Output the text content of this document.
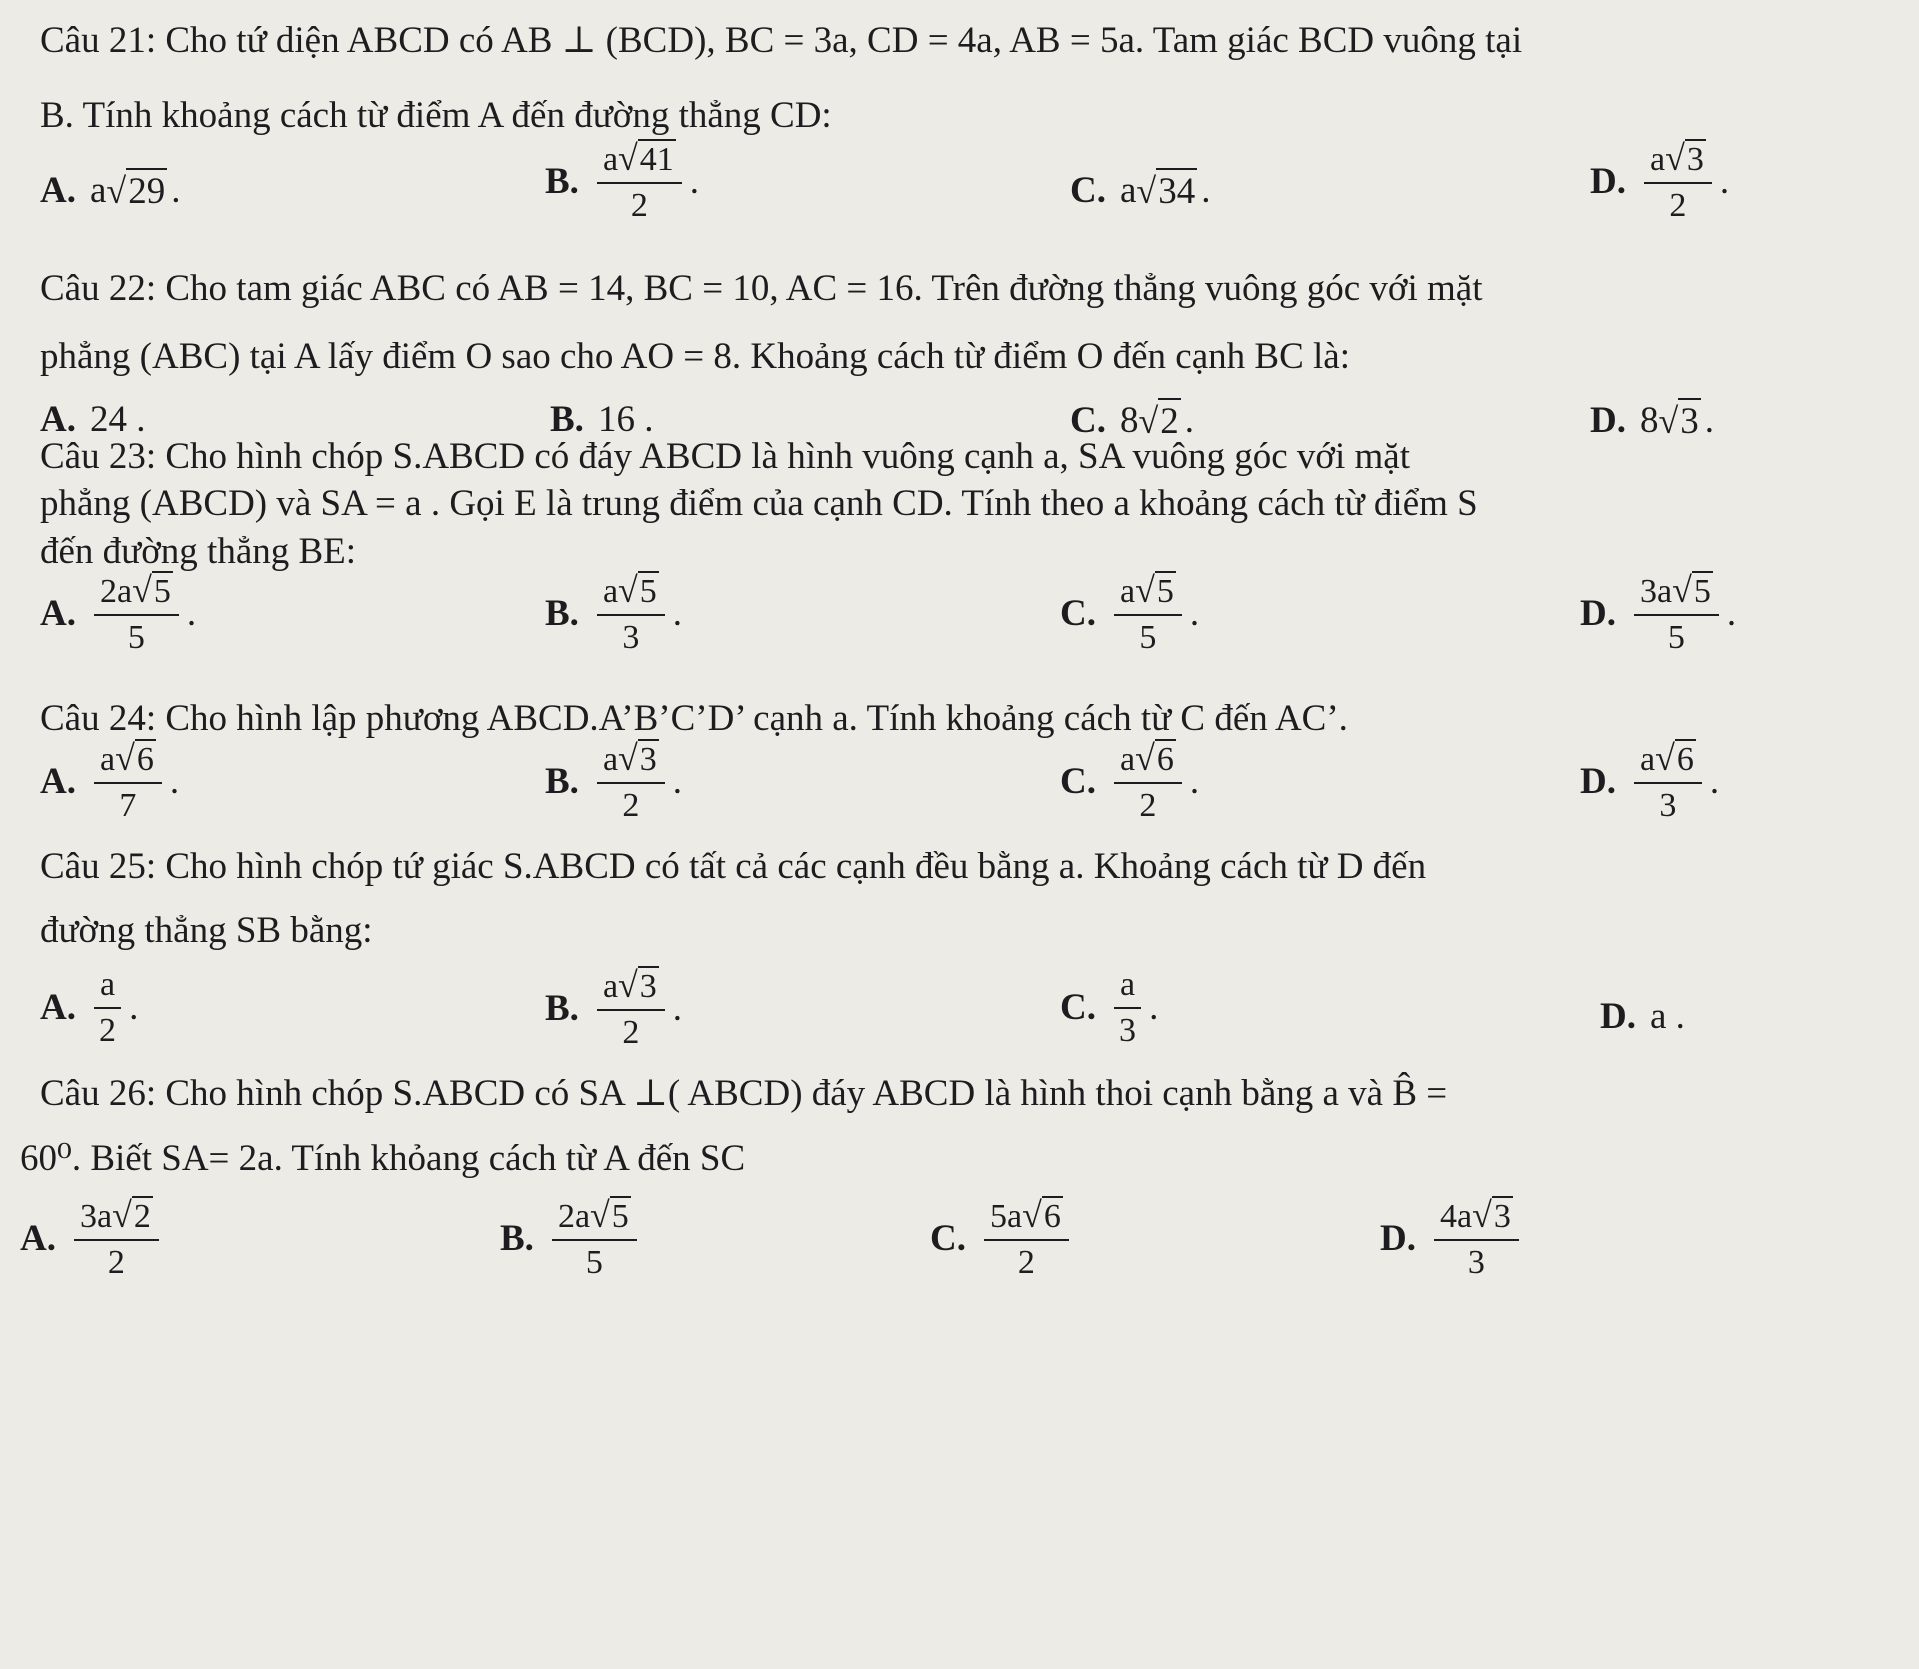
Câu 21: Cho tứ diện ABCD có AB ⊥ (BCD), BC = 3a, CD = 4a, AB = 5a. Tam giác BCD vuông tại
B. Tính khoảng cách từ điểm A đến đường thẳng CD:
A. a √ 29 .	B. $\frac{a√41}{2}$ .	C. a √ 34 .	D. $\frac{a√3}{2}$ .
Câu 22: Cho tam giác ABC có AB = 14, BC = 10, AC = 16. Trên đường thẳng vuông góc với mặt
phẳng (ABC) tại A lấy điểm O sao cho AO = 8. Khoảng cách từ điểm O đến cạnh BC là:
A. 24 .	B. 16 .	C. 8 √ 2 .	D. 8 √ 3 .
Câu 23: Cho hình chóp S.ABCD có đáy ABCD là hình vuông cạnh a, SA vuông góc với mặt
phẳng (ABCD) và SA = a . Gọi E là trung điểm của cạnh CD. Tính theo a khoảng cách từ điểm S
đến đường thẳng BE:
A. $\frac{2a√5}{5}$ .	B. $\frac{a√5}{3}$ .	C. $\frac{a√5}{5}$ .	D. $\frac{3a√5}{5}$ .
Câu 24: Cho hình lập phương ABCD.A’B’C’D’ cạnh a. Tính khoảng cách từ C đến AC’.
A. $\frac{a√6}{7}$ .	B. $\frac{a√3}{2}$ .	C. $\frac{a√6}{2}$ .	D. $\frac{a√6}{3}$ .
Câu 25: Cho hình chóp tứ giác S.ABCD có tất cả các cạnh đều bằng a. Khoảng cách từ D đến
đường thẳng SB bằng:
A. $\frac{a}{2}$ .	B. $\frac{a√3}{2}$ .	C. $\frac{a}{3}$ .	D. a .
Câu 26: Cho hình chóp S.ABCD có SA ⊥( ABCD) đáy ABCD là hình thoi cạnh bằng a và B̂ =
60⁰. Biết SA= 2a. Tính khỏang cách từ A đến SC
A. $\frac{3a√2}{2}$	B. $\frac{2a√5}{5}$	C. $\frac{5a√6}{2}$	D. $\frac{4a√3}{3}$
